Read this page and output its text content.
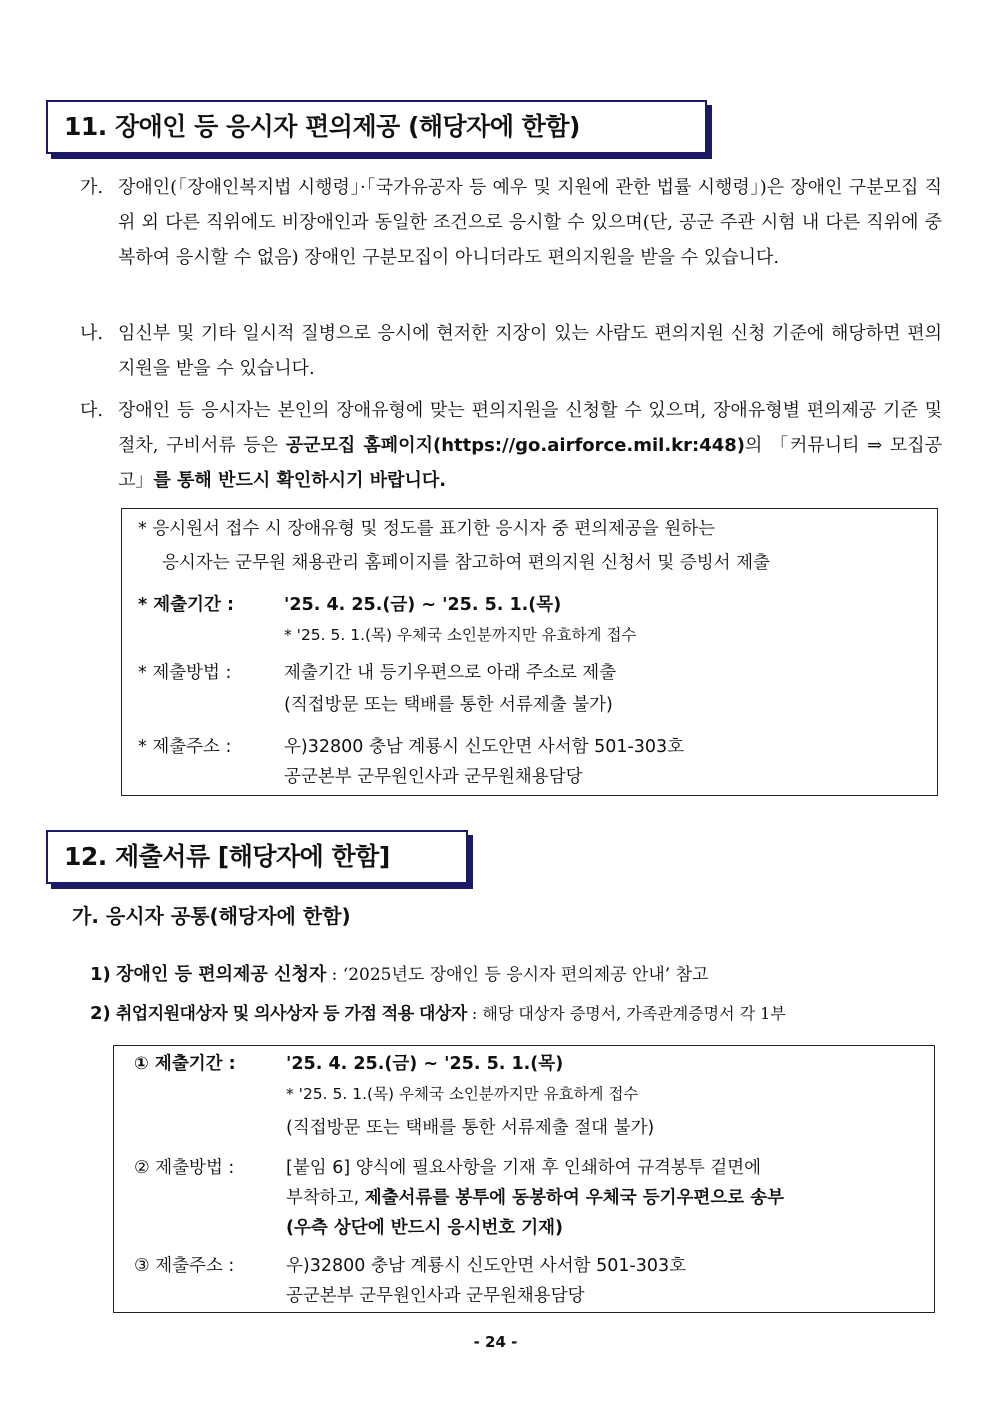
11. 장애인 등 응시자 편의제공 (해당자에 한함)
가. 장애인(「장애인복지법 시행령」·「국가유공자 등 예우 및 지원에 관한 법률 시행령」)은 장애인 구분모집 직위 외 다른 직위에도 비장애인과 동일한 조건으로 응시할 수 있으며(단, 공군 주관 시험 내 다른 직위에 중복하여 응시할 수 없음) 장애인 구분모집이 아니더라도 편의지원을 받을 수 있습니다.
나. 임신부 및 기타 일시적 질병으로 응시에 현저한 지장이 있는 사람도 편의지원 신청 기준에 해당하면 편의지원을 받을 수 있습니다.
다. 장애인 등 응시자는 본인의 장애유형에 맞는 편의지원을 신청할 수 있으며, 장애유형별 편의제공 기준 및 절차, 구비서류 등은 공군모집 홈페이지(https://go.airforce.mil.kr:448)의 「커뮤니티 ⇒ 모집공고」를 통해 반드시 확인하시기 바랍니다.
* 응시원서 접수 시 장애유형 및 정도를 표기한 응시자 중 편의제공을 원하는
응시자는 군무원 채용관리 홈페이지를 참고하여 편의지원 신청서 및 증빙서 제출
* 제출기간 :	'25. 4. 25.(금) ~ '25. 5. 1.(목)
* '25. 5. 1.(목) 우체국 소인분까지만 유효하게 접수
* 제출방법 :	제출기간 내 등기우편으로 아래 주소로 제출
(직접방문 또는 택배를 통한 서류제출 불가)
* 제출주소 :	우)32800 충남 계룡시 신도안면 사서함 501-303호
공군본부 군무원인사과 군무원채용담당
12. 제출서류 [해당자에 한함]
가. 응시자 공통(해당자에 한함)
1) 장애인 등 편의제공 신청자 : ‘2025년도 장애인 등 응시자 편의제공 안내’ 참고
2) 취업지원대상자 및 의사상자 등 가점 적용 대상자 : 해당 대상자 증명서, 가족관계증명서 각 1부
① 제출기간 :	'25. 4. 25.(금) ~ '25. 5. 1.(목)
* '25. 5. 1.(목) 우체국 소인분까지만 유효하게 접수
(직접방문 또는 택배를 통한 서류제출 절대 불가)
② 제출방법 :	[붙임 6] 양식에 필요사항을 기재 후 인쇄하여 규격봉투 겉면에
부착하고, 제출서류를 봉투에 동봉하여 우체국 등기우편으로 송부
(우측 상단에 반드시 응시번호 기재)
③ 제출주소 :	우)32800 충남 계룡시 신도안면 사서함 501-303호
공군본부 군무원인사과 군무원채용담당
- 24 -
